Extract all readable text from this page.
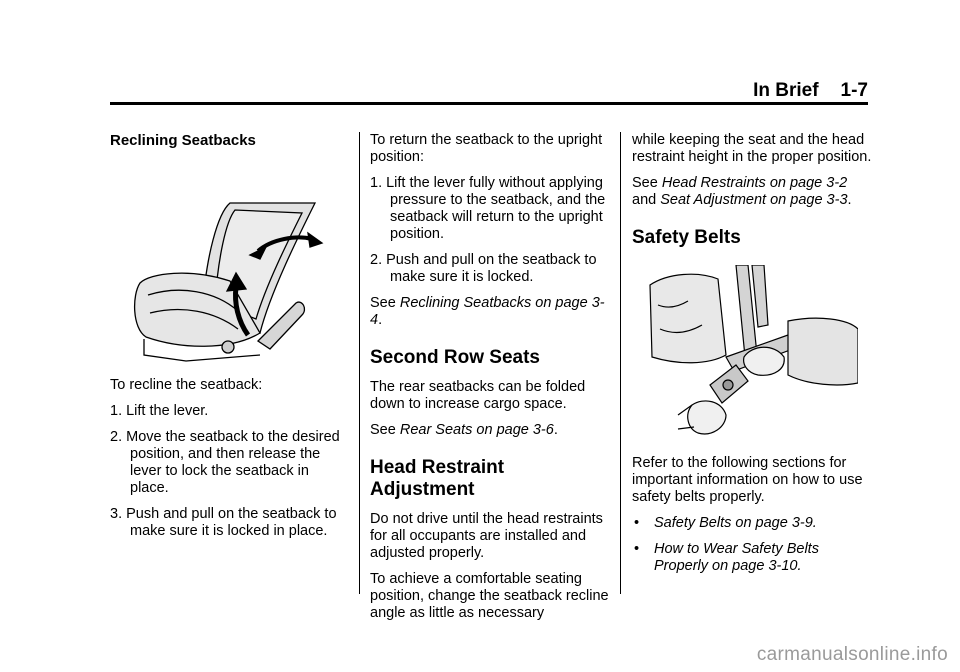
In Brief 1-7
Reclining Seatbacks

To recline the seatback:

1. Lift the lever.

2. Move the seatback to the desired position, and then release the lever to lock the seatback in place.

3. Push and pull on the seatback to make sure it is locked in place.

To return the seatback to the upright position:

1. Lift the lever fully without applying pressure to the seatback, and the seatback will return to the upright position.

2. Push and pull on the seatback to make sure it is locked.

See Reclining Seatbacks on page 3-4.

Second Row Seats

The rear seatbacks can be folded down to increase cargo space.

See Rear Seats on page 3-6.

Head Restraint
Adjustment

Do not drive until the head restraints for all occupants are installed and adjusted properly.

To achieve a comfortable seating position, change the seatback recline angle as little as necessary

while keeping the seat and the head restraint height in the proper position.

See Head Restraints on page 3-2 and Seat Adjustment on page 3-3.

Safety Belts

Refer to the following sections for important information on how to use safety belts properly.

• Safety Belts on page 3-9.

• How to Wear Safety Belts Properly on page 3-10.

carmanualsonline.info
